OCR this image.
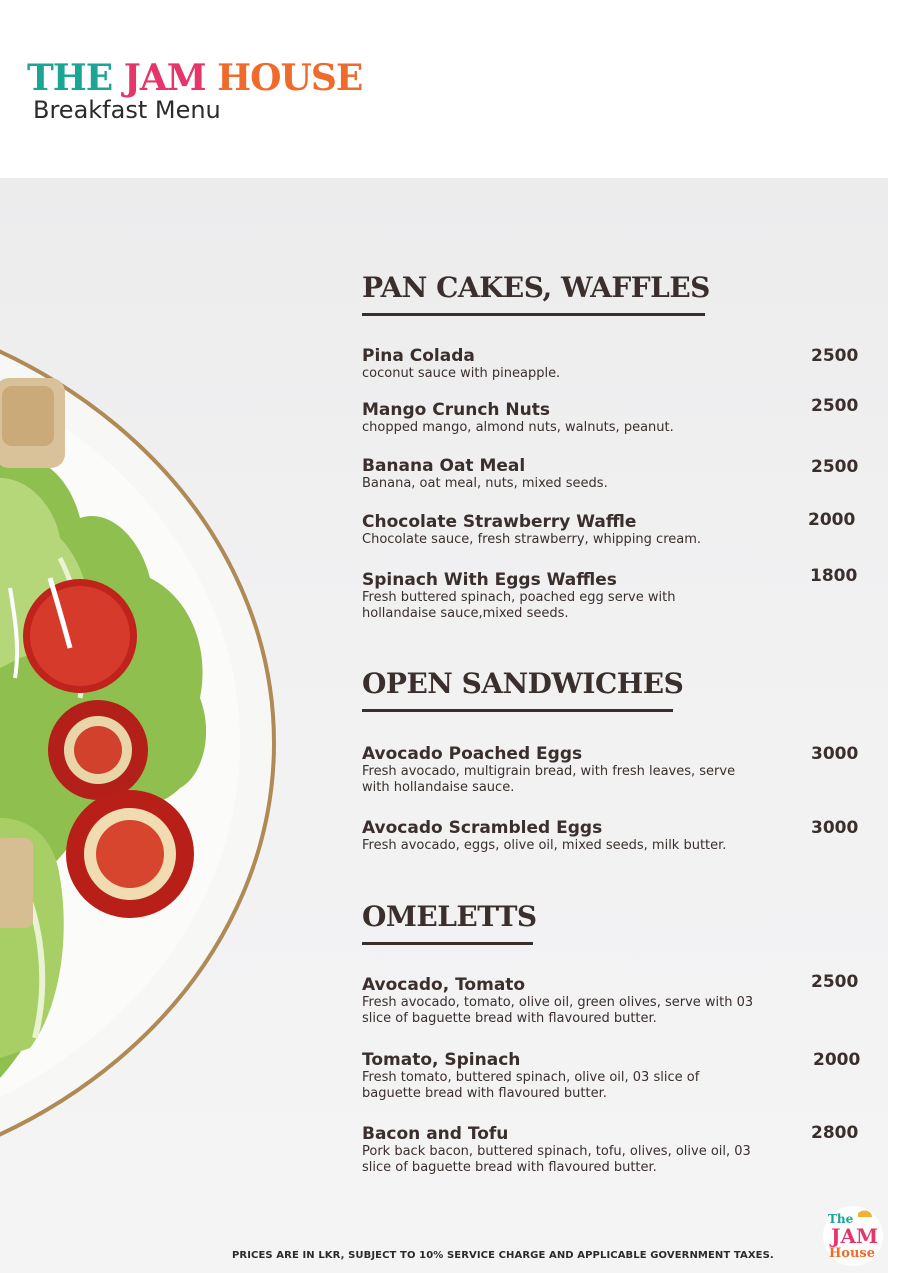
THE JAM HOUSE
Breakfast Menu
PAN CAKES, WAFFLES
Pina Colada
coconut sauce with pineapple.
2500
Mango Crunch Nuts
chopped mango, almond nuts, walnuts, peanut.
2500
Banana Oat Meal
Banana, oat meal, nuts, mixed seeds.
2500
Chocolate Strawberry Waffle
Chocolate sauce, fresh strawberry, whipping cream.
2000
Spinach With Eggs Waffles
Fresh buttered spinach, poached egg serve with hollandaise sauce,mixed seeds.
1800
OPEN SANDWICHES
Avocado Poached Eggs
Fresh avocado, multigrain bread, with fresh leaves, serve with hollandaise sauce.
3000
Avocado Scrambled Eggs
Fresh avocado, eggs, olive oil, mixed seeds, milk butter.
3000
OMELETTS
Avocado, Tomato
Fresh avocado, tomato, olive oil, green olives, serve with 03 slice of baguette bread with flavoured butter.
2500
Tomato, Spinach
Fresh tomato, buttered spinach, olive oil, 03 slice of baguette bread with flavoured butter.
2000
Bacon and Tofu
Pork back bacon, buttered spinach, tofu, olives, olive oil, 03 slice of baguette bread with flavoured butter.
2800
PRICES ARE IN LKR, SUBJECT TO 10% SERVICE CHARGE AND APPLICABLE GOVERNMENT TAXES.
The
JAM
House
